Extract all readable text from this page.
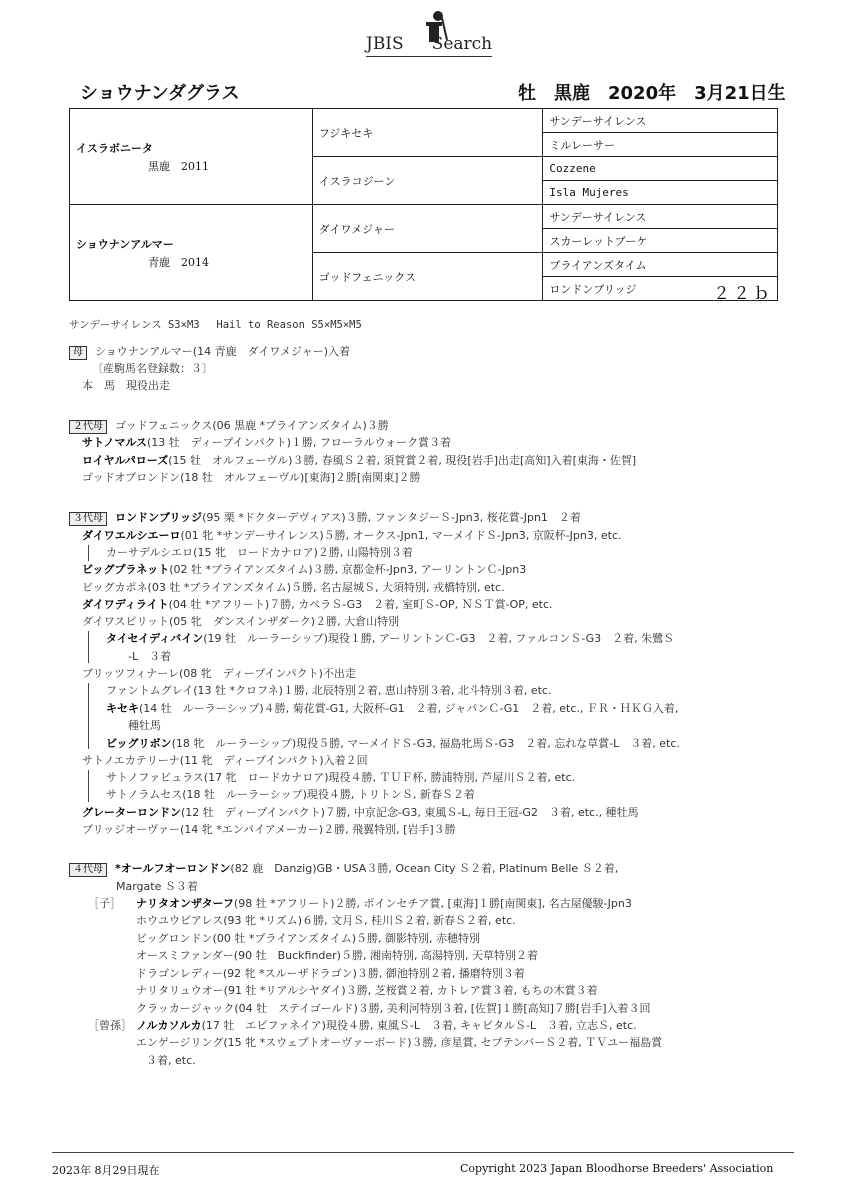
JBIS Search
ショウナンダグラス	牡　黒鹿　2020年　3月21日生
イスラボニータ
黒鹿　2011	フジキセキ	サンデーサイレンス
		ミルレーサー
	イスラコジーン	Cozzene
		Isla Mujeres

ショウナンアルマー
青鹿　2014	ダイワメジャー	サンデーサイレンス
		スカーレットブーケ
	ゴッドフェニックス	ブライアンズタイム
		ロンドンブリッジ ２２ｂ
サンデーサイレンス S3×M3　 Hail to Reason S5×M5×M5
母 ショウナンアルマー(14 青鹿　ダイワメジャー)入着
〔産駒馬名登録数：３〕
本　馬　現役出走
２代母 ゴッドフェニックス(06 黒鹿 *ブライアンズタイム)３勝
サトノマルス(13 牡　ディープインパクト)１勝, フローラルウォーク賞３着
ロイヤルパローズ(15 牡　オルフェーヴル)３勝, 春風Ｓ２着, 須賀賞２着, 現役[岩手]出走[高知]入着[東海・佐賀]
ゴッドオブロンドン(18 牡　オルフェーヴル)[東海]２勝[南関東]２勝
３代母 ロンドンブリッジ(95 栗 *ドクターデヴィアス)３勝, ファンタジーＳ-Jpn3, 桜花賞-Jpn1　２着
ダイワエルシエーロ(01 牝 *サンデーサイレンス)５勝, オークス-Jpn1, マーメイドＳ-Jpn3, 京阪杯-Jpn3, etc.
カーサデルシエロ(15 牝　ロードカナロア)２勝, 山陽特別３着
ビッグプラネット(02 牡 *ブライアンズタイム)３勝, 京都金杯-Jpn3, アーリントンＣ-Jpn3
ビッグカポネ(03 牡 *ブライアンズタイム)５勝, 名古屋城Ｓ, 大須特別, 戎橋特別, etc.
ダイワディライト(04 牡 *アフリート)７勝, カペラＳ-G3　２着, 室町Ｓ-OP, ＮＳＴ賞-OP, etc.
ダイワスピリット(05 牝　ダンスインザダーク)２勝, 大倉山特別
タイセイディバイン(19 牡　ルーラーシップ)現役１勝, アーリントンＣ-G3　２着, ファルコンＳ-G3　２着, 朱鷺Ｓ
-L　３着
ブリッツフィナーレ(08 牝　ディープインパクト)不出走
ファントムグレイ(13 牡 *クロフネ)１勝, 北辰特別２着, 恵山特別３着, 北斗特別３着, etc.
キセキ(14 牡　ルーラーシップ)４勝, 菊花賞-G1, 大阪杯-G1　２着, ジャパンＣ-G1　２着, etc., ＦＲ・ＨＫＧ入着,
種牡馬
ビッグリボン(18 牝　ルーラーシップ)現役５勝, マーメイドＳ-G3, 福島牝馬Ｓ-G3　２着, 忘れな草賞-L　３着, etc.
サトノエカテリーナ(11 牝　ディープインパクト)入着２回
サトノファビュラス(17 牝　ロードカナロア)現役４勝, ＴＵＦ杯, 勝浦特別, 芦屋川Ｓ２着, etc.
サトノラムセス(18 牡　ルーラーシップ)現役４勝, トリトンＳ, 新春Ｓ２着
グレーターロンドン(12 牡　ディープインパクト)７勝, 中京記念-G3, 東風Ｓ-L, 毎日王冠-G2　３着, etc., 種牡馬
ブリッジオーヴァー(14 牝 *エンパイアメーカー)２勝, 飛翼特別, [岩手]３勝
４代母 *オールフオーロンドン(82 鹿　Danzig)GB・USA３勝, Ocean City Ｓ２着, Platinum Belle Ｓ２着,
Margate Ｓ３着
［子］ ナリタオンザターフ(98 牡 *アフリート)２勝, ポインセチア賞, [東海]１勝[南関東], 名古屋優駿-Jpn3
ホウユウピアレス(93 牝 *リズム)６勝, 文月Ｓ, 桂川Ｓ２着, 新春Ｓ２着, etc.
ビッグロンドン(00 牡 *ブライアンズタイム)５勝, 御影特別, 赤穂特別
オースミファンダー(90 牡　Buckfinder)５勝, 湘南特別, 高湯特別, 天草特別２着
ドラゴンレディー(92 牝 *スルーザドラゴン)３勝, 御池特別２着, 播磨特別３着
ナリタリュウオー(91 牡 *リアルシヤダイ)３勝, 芝桜賞２着, カトレア賞３着, もちの木賞３着
クラッカージャック(04 牡　ステイゴールド)３勝, 美利河特別３着, [佐賀]１勝[高知]７勝[岩手]入着３回
［曾孫］ ノルカソルカ(17 牡　エピファネイア)現役４勝, 東風Ｓ-L　３着, キャピタルＳ-L　３着, 立志Ｓ, etc.
エンゲージリング(15 牝 *スウェプトオーヴァーボード)３勝, 彦星賞, セプテンバーＳ２着, ＴＶユー福島賞
３着, etc.
2023年 8月29日現在	Copyright 2023 Japan Bloodhorse Breeders' Association
